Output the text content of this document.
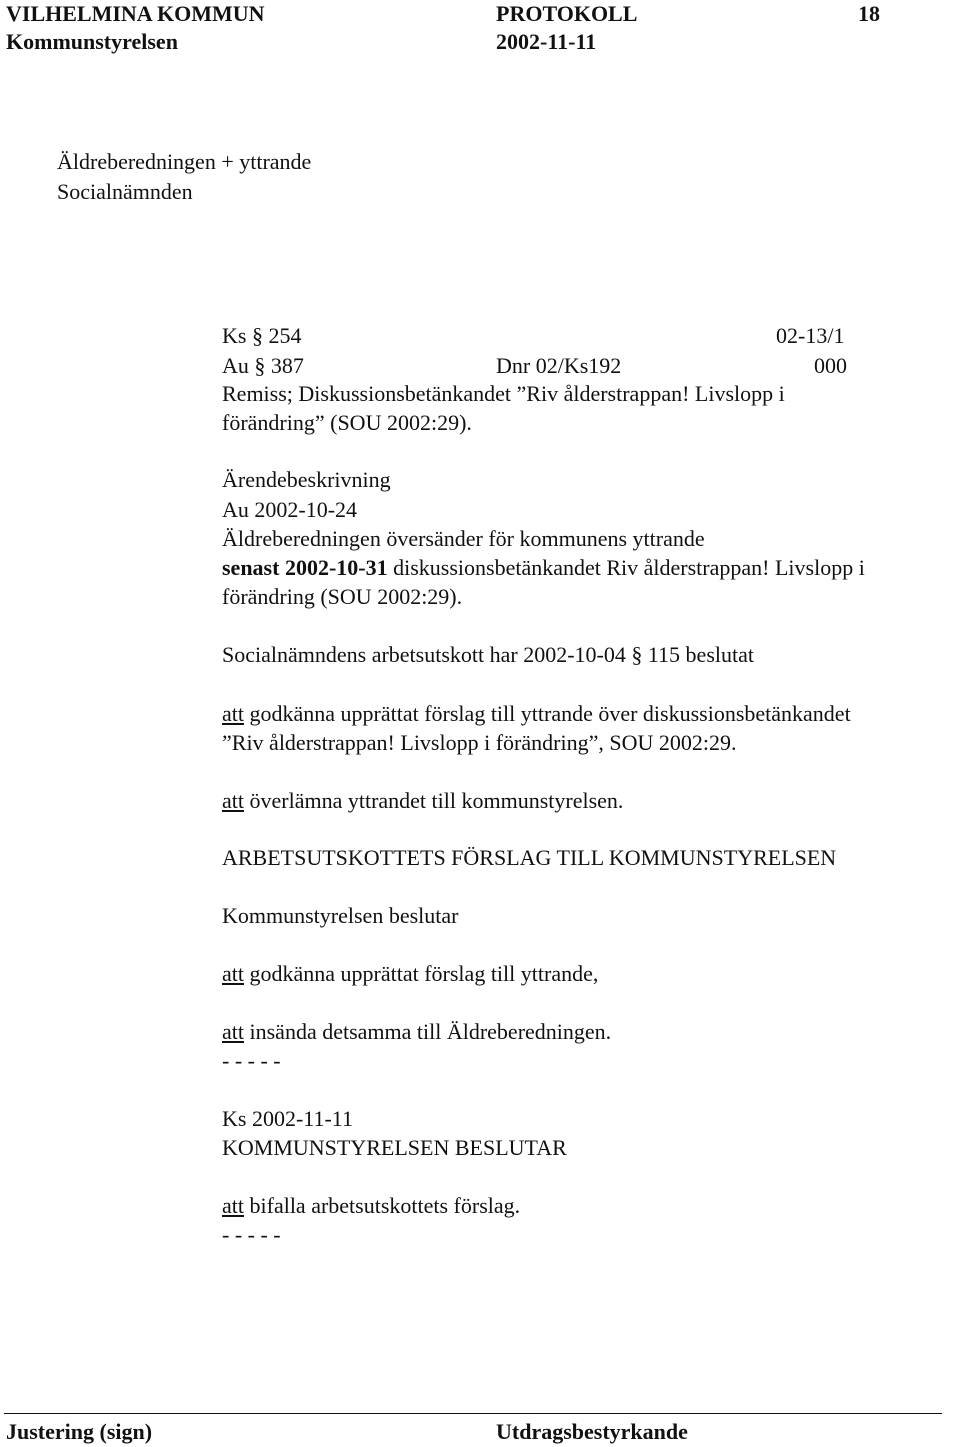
VILHELMINA KOMMUN	PROTOKOLL	18
Kommunstyrelsen	2002-11-11
Äldreberedningen + yttrande
Socialnämnden
Ks § 254	02-13/1
Au § 387	Dnr 02/Ks192	000
Remiss; Diskussionsbetänkandet ”Riv ålderstrappan! Livslopp i
förändring” (SOU 2002:29).
Ärendebeskrivning
Au 2002-10-24
Äldreberedningen översänder för kommunens yttrande
senast 2002-10-31 diskussionsbetänkandet Riv ålderstrappan! Livslopp i
förändring (SOU 2002:29).
Socialnämndens arbetsutskott har 2002-10-04 § 115 beslutat
att godkänna upprättat förslag till yttrande över diskussionsbetänkandet
”Riv ålderstrappan! Livslopp i förändring”, SOU 2002:29.
att överlämna yttrandet till kommunstyrelsen.
ARBETSUTSKOTTETS FÖRSLAG TILL KOMMUNSTYRELSEN
Kommunstyrelsen beslutar
att godkänna upprättat förslag till yttrande,
att insända detsamma till Äldreberedningen.
- - - - -
Ks 2002-11-11
KOMMUNSTYRELSEN BESLUTAR
att bifalla arbetsutskottets förslag.
- - - - -
Justering (sign)	Utdragsbestyrkande
